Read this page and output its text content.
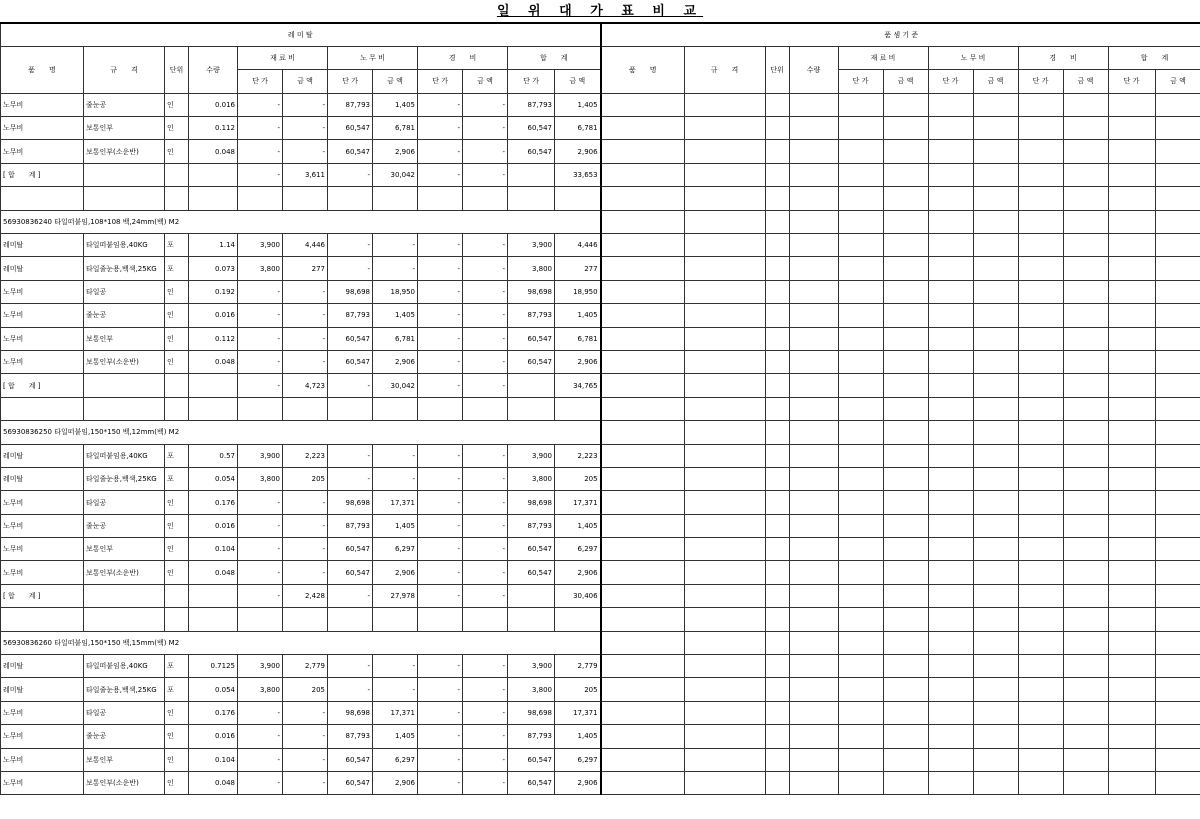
일 위 대 가 표 비 교
레 미 탈											
품　　명	규　　격	단위	수량	재 료 비		노 무 비		경　　비		합　　계	
				단 가	금 액	단 가	금 액	단 가	금 액	단 가	금 액
노무비	줄눈공	인	0.016	-	-	87,793	1,405	-	-	87,793	1,405
노무비	보통인부	인	0.112	-	-	60,547	6,781	-	-	60,547	6,781
노무비	보통인부(소운반)	인	0.048	-	-	60,547	2,906	-	-	60,547	2,906
[ 합　　계 ]				-	3,611	-	30,042	-	-		33,653

56930836240 타일떠붙임,108*108 백,24mm(백) M2											
레미탈	타일떠붙임용,40KG	포	1.14	3,900	4,446	-	-	-	-	3,900	4,446
레미탈	타일줄눈용,백색,25KG	포	0.073	3,800	277	-	-	-	-	3,800	277
노무비	타일공	인	0.192	-	-	98,698	18,950	-	-	98,698	18,950
노무비	줄눈공	인	0.016	-	-	87,793	1,405	-	-	87,793	1,405
노무비	보통인부	인	0.112	-	-	60,547	6,781	-	-	60,547	6,781
노무비	보통인부(소운반)	인	0.048	-	-	60,547	2,906	-	-	60,547	2,906
[ 합　　계 ]				-	4,723	-	30,042	-	-		34,765

56930836250 타일떠붙임,150*150 백,12mm(백) M2											
레미탈	타일떠붙임용,40KG	포	0.57	3,900	2,223	-	-	-	-	3,900	2,223
레미탈	타일줄눈용,백색,25KG	포	0.054	3,800	205	-	-	-	-	3,800	205
노무비	타일공	인	0.176	-	-	98,698	17,371	-	-	98,698	17,371
노무비	줄눈공	인	0.016	-	-	87,793	1,405	-	-	87,793	1,405
노무비	보통인부	인	0.104	-	-	60,547	6,297	-	-	60,547	6,297
노무비	보통인부(소운반)	인	0.048	-	-	60,547	2,906	-	-	60,547	2,906
[ 합　　계 ]				-	2,428	-	27,978	-	-		30,406

56930836260 타일떠붙임,150*150 백,15mm(백) M2											
레미탈	타일떠붙임용,40KG	포	0.7125	3,900	2,779	-	-	-	-	3,900	2,779
레미탈	타일줄눈용,백색,25KG	포	0.054	3,800	205	-	-	-	-	3,800	205
노무비	타일공	인	0.176	-	-	98,698	17,371	-	-	98,698	17,371
노무비	줄눈공	인	0.016	-	-	87,793	1,405	-	-	87,793	1,405
노무비	보통인부	인	0.104	-	-	60,547	6,297	-	-	60,547	6,297
노무비	보통인부(소운반)	인	0.048	-	-	60,547	2,906	-	-	60,547	2,906
품 셈 기 준											
품　　명	규　　격	단위	수량	재 료 비		노 무 비		경　　비		합　　계	
				단 가	금 액	단 가	금 액	단 가	금 액	단 가	금 액
